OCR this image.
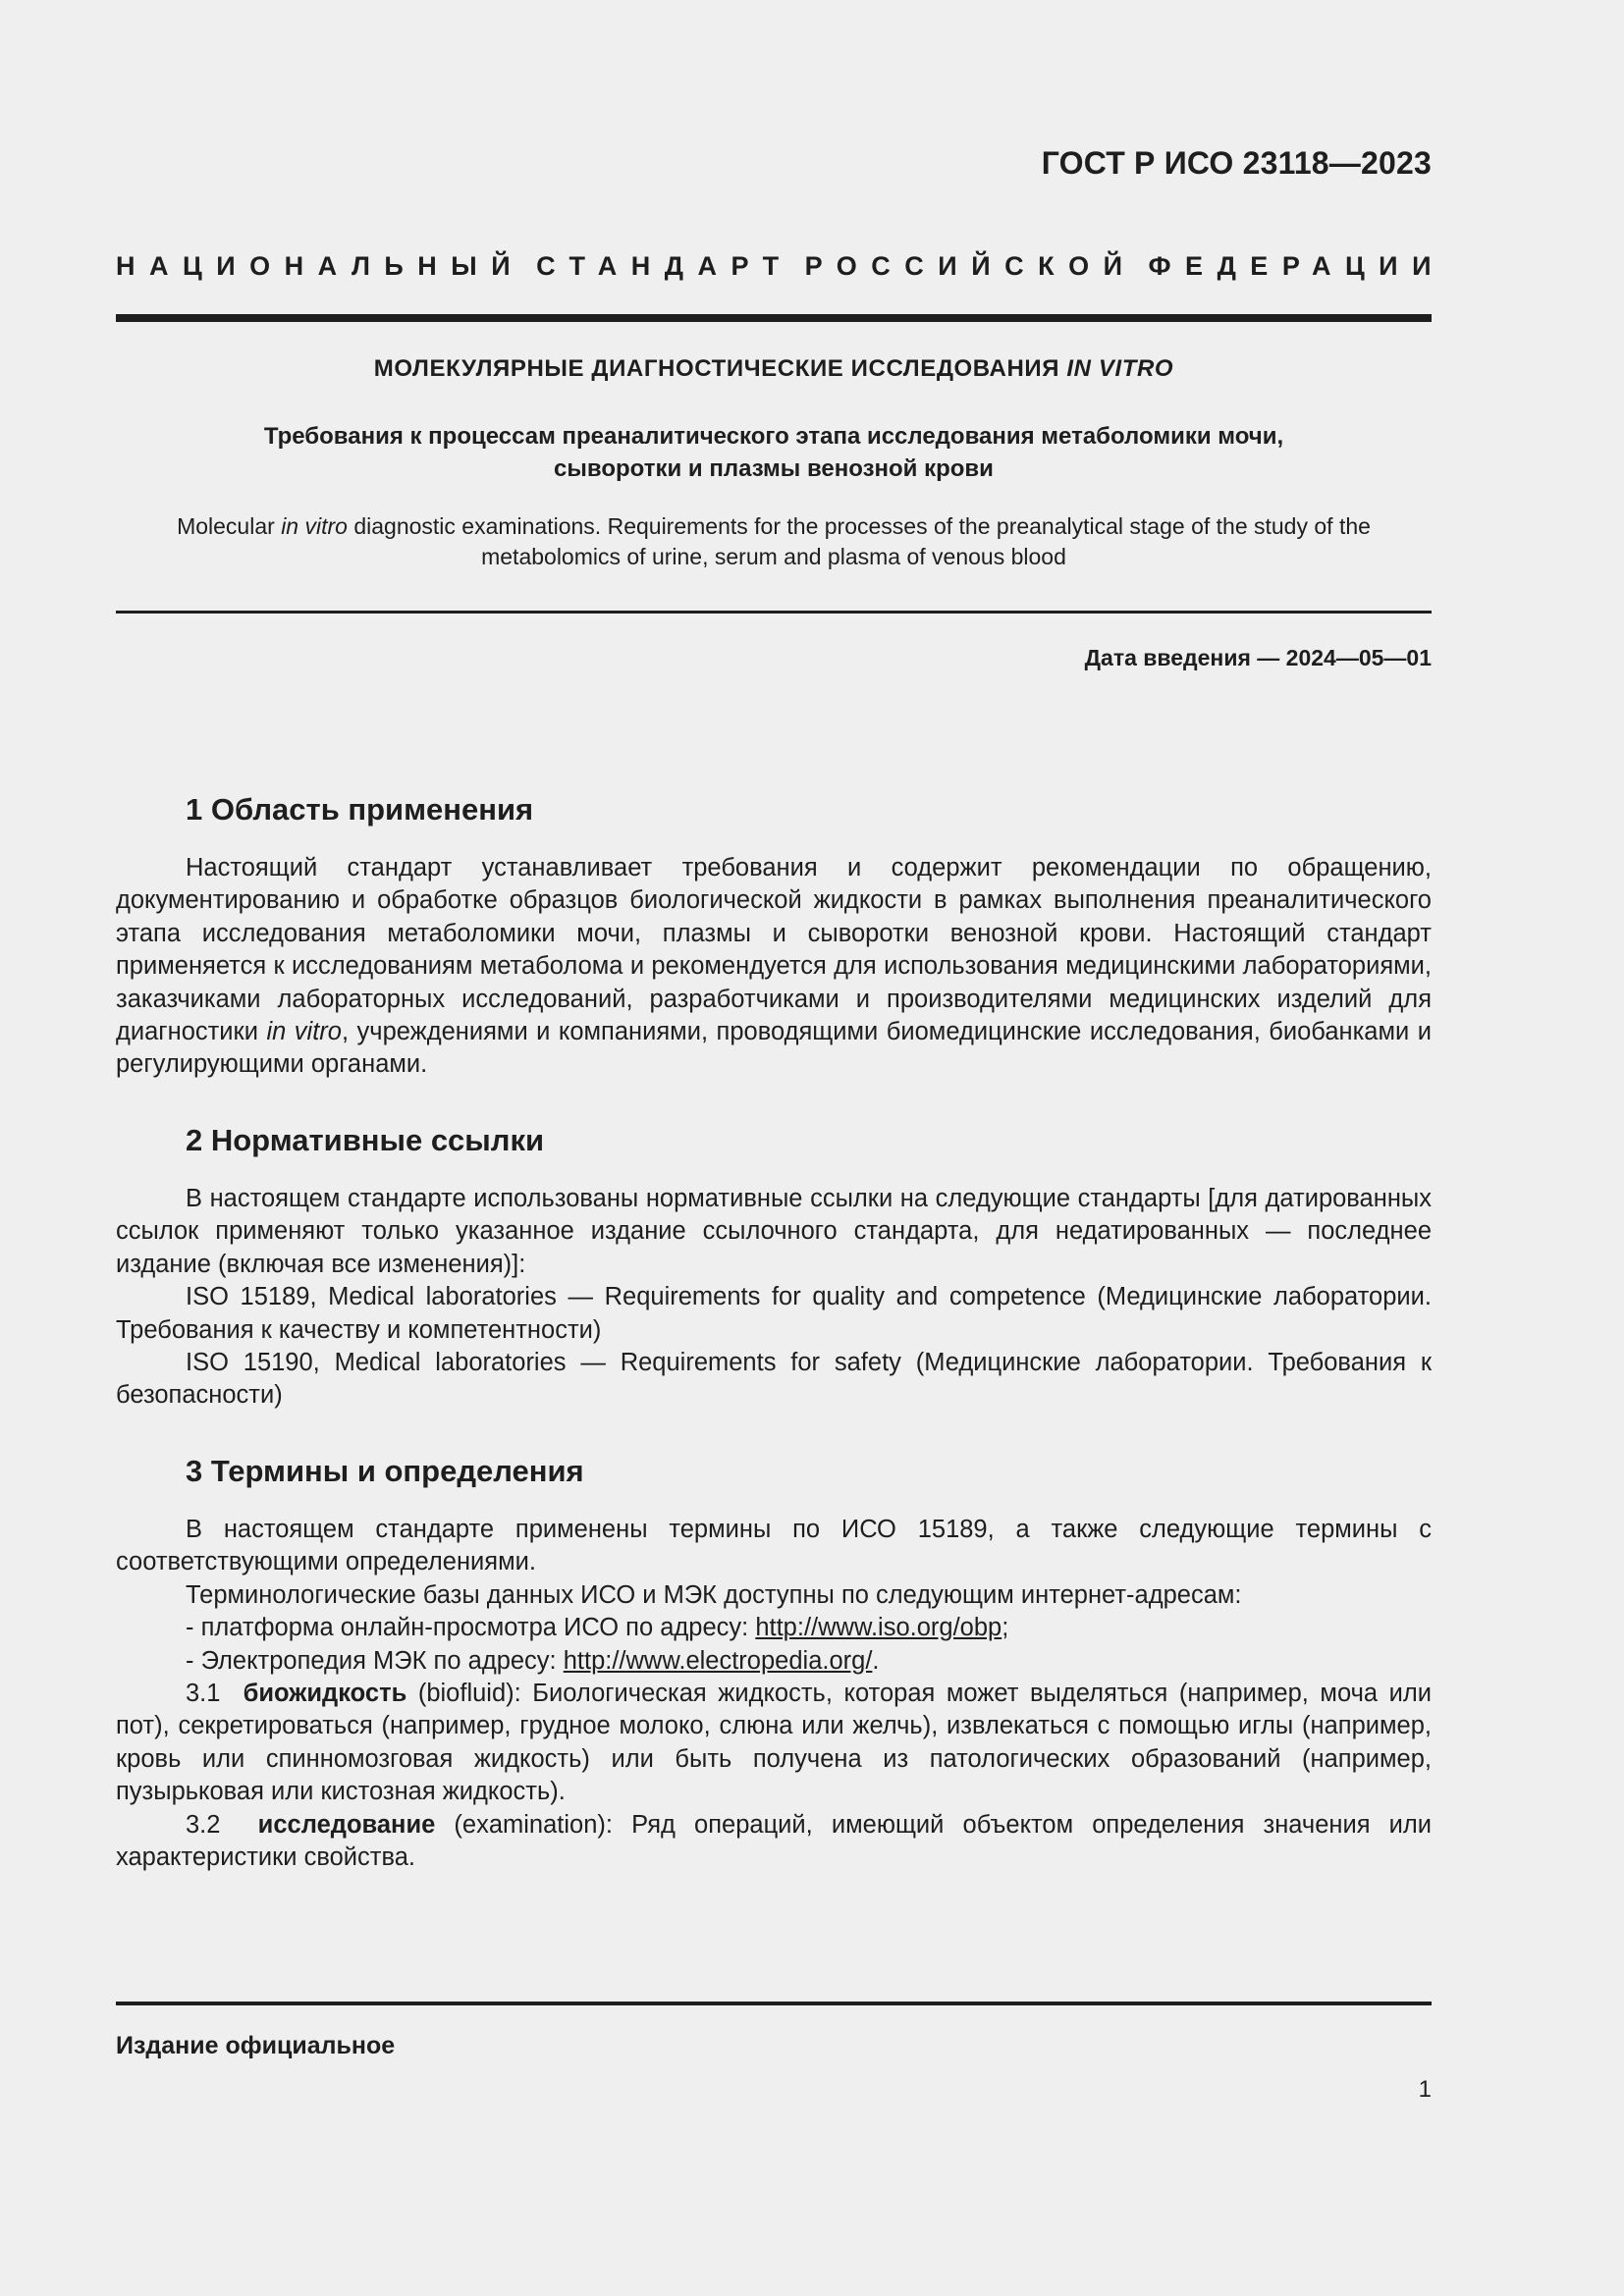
ГОСТ Р ИСО 23118—2023
НАЦИОНАЛЬНЫЙ СТАНДАРТ РОССИЙСКОЙ ФЕДЕРАЦИИ
МОЛЕКУЛЯРНЫЕ ДИАГНОСТИЧЕСКИЕ ИССЛЕДОВАНИЯ IN VITRO
Требования к процессам преаналитического этапа исследования метаболомики мочи,
сыворотки и плазмы венозной крови
Molecular in vitro diagnostic examinations. Requirements for the processes of the preanalytical stage of the study of the
metabolomics of urine, serum and plasma of venous blood
Дата введения — 2024—05—01
1 Область применения

Настоящий стандарт устанавливает требования и содержит рекомендации по обращению, документированию и обработке образцов биологической жидкости в рамках выполнения преаналитического этапа исследования метаболомики мочи, плазмы и сыворотки венозной крови. Настоящий стандарт применяется к исследованиям метаболома и рекомендуется для использования медицинскими лабораториями, заказчиками лабораторных исследований, разработчиками и производителями медицинских изделий для диагностики in vitro, учреждениями и компаниями, проводящими биомедицинские исследования, биобанками и регулирующими органами.

2 Нормативные ссылки

В настоящем стандарте использованы нормативные ссылки на следующие стандарты [для датированных ссылок применяют только указанное издание ссылочного стандарта, для недатированных — последнее издание (включая все изменения)]:

ISO 15189, Medical laboratories — Requirements for quality and competence (Медицинские лаборатории. Требования к качеству и компетентности)

ISO 15190, Medical laboratories — Requirements for safety (Медицинские лаборатории. Требования к безопасности)

3 Термины и определения

В настоящем стандарте применены термины по ИСО 15189, а также следующие термины с соответствующими определениями.

Терминологические базы данных ИСО и МЭК доступны по следующим интернет-адресам:

- платформа онлайн-просмотра ИСО по адресу: http://www.iso.org/obp;

- Электропедия МЭК по адресу: http://www.electropedia.org/.

3.1 биожидкость (biofluid): Биологическая жидкость, которая может выделяться (например, моча или пот), секретироваться (например, грудное молоко, слюна или желчь), извлекаться с помощью иглы (например, кровь или спинномозговая жидкость) или быть получена из патологических образований (например, пузырьковая или кистозная жидкость).

3.2 исследование (examination): Ряд операций, имеющий объектом определения значения или характеристики свойства.

Издание официальное
1
